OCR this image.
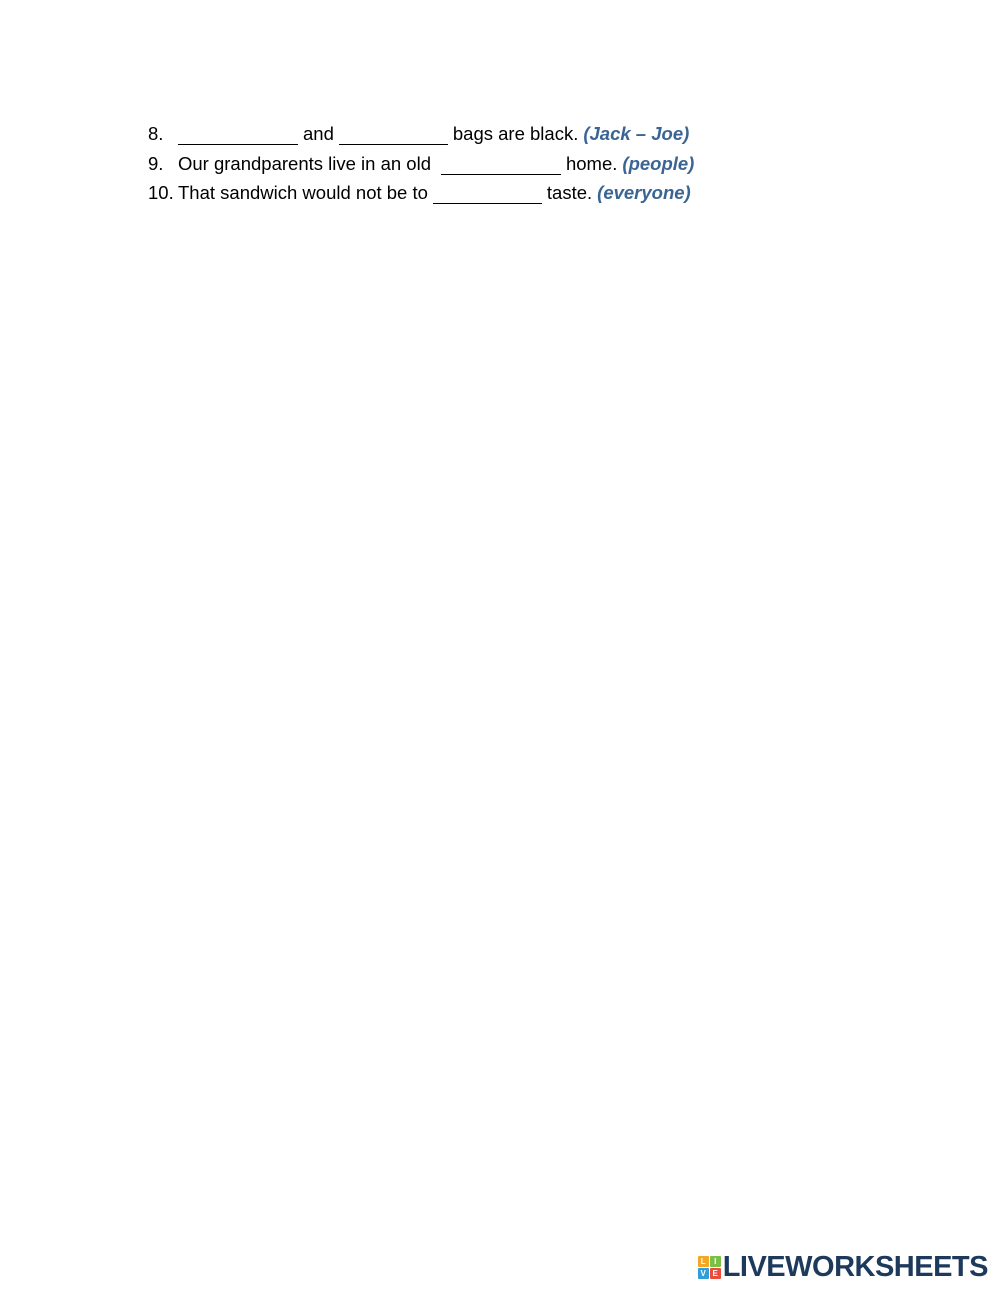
8.	and	bags are black. (Jack – Joe)
9. Our grandparents live in an old	home. (people)
10. That sandwich would not be to	taste. (everyone)
L	I
V E LIVEWORKSHEETS
